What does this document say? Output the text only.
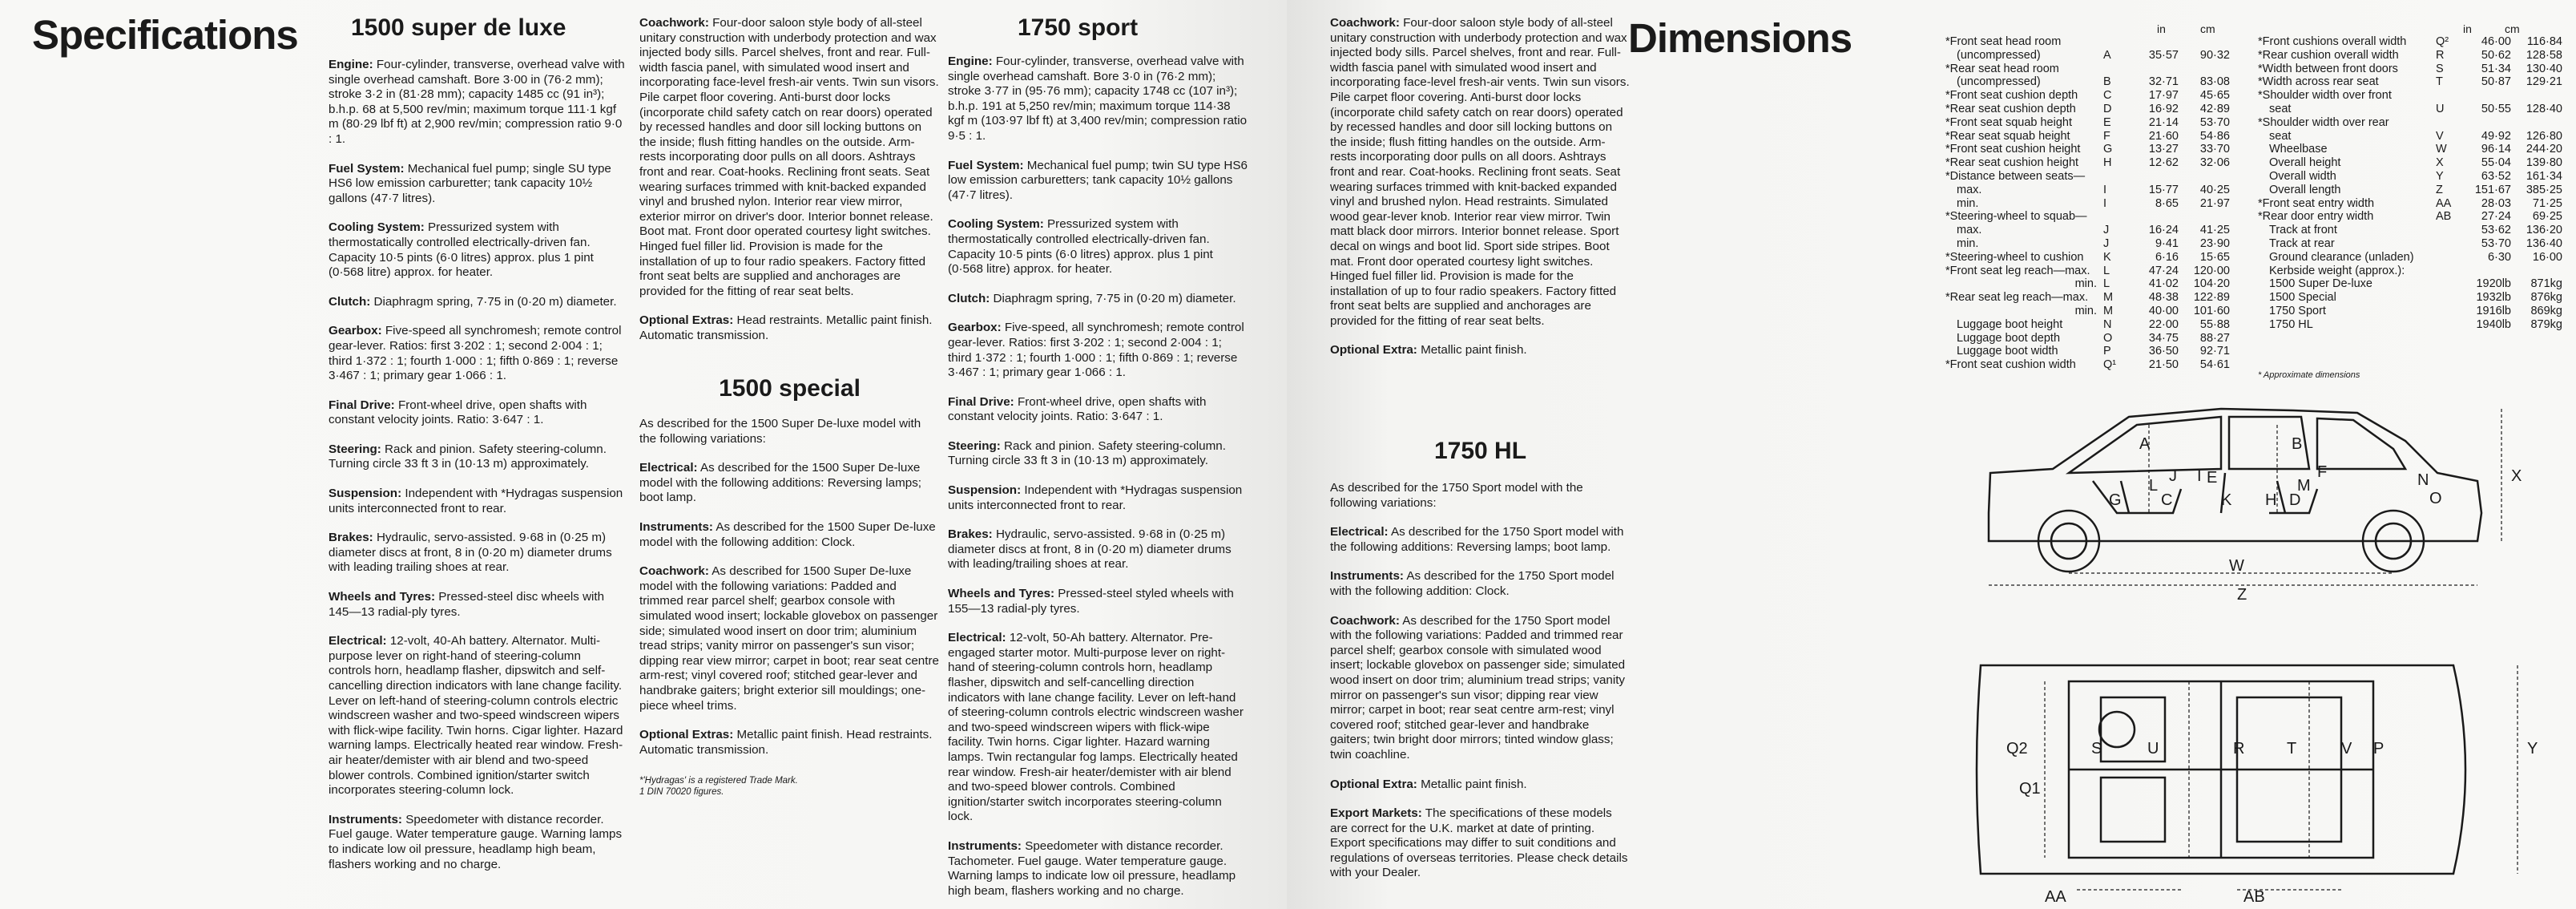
Specifications 1500 super de luxe

Engine: Four-cylinder, transverse, overhead valve with single overhead camshaft. Bore 3·00 in (76·2 mm); stroke 3·2 in (81·28 mm); capacity 1485 cc (91 in³); b.h.p. 68 at 5,500 rev/min; maximum torque 111·1 kgf m (80·29 lbf ft) at 2,900 rev/min; compression ratio 9·0 : 1.

Fuel System: Mechanical fuel pump; single SU type HS6 low emission carburetter; tank capacity 10½ gallons (47·7 litres).

Cooling System: Pressurized system with thermostatically controlled electrically-driven fan. Capacity 10·5 pints (6·0 litres) approx. plus 1 pint (0·568 litre) approx. for heater.

Clutch: Diaphragm spring, 7·75 in (0·20 m) diameter.

Gearbox: Five-speed all synchromesh; remote control gear-lever. Ratios: first 3·202 : 1; second 2·004 : 1; third 1·372 : 1; fourth 1·000 : 1; fifth 0·869 : 1; reverse 3·467 : 1; primary gear 1·066 : 1.

Final Drive: Front-wheel drive, open shafts with constant velocity joints. Ratio: 3·647 : 1.

Steering: Rack and pinion. Safety steering-column. Turning circle 33 ft 3 in (10·13 m) approximately.

Suspension: Independent with *Hydragas suspension units interconnected front to rear.

Brakes: Hydraulic, servo-assisted. 9·68 in (0·25 m) diameter discs at front, 8 in (0·20 m) diameter drums with leading trailing shoes at rear.

Wheels and Tyres: Pressed-steel disc wheels with 145—13 radial-ply tyres.

Electrical: 12-volt, 40-Ah battery. Alternator. Multi-purpose lever on right-hand of steering-column controls horn, headlamp flasher, dipswitch and self-cancelling direction indicators with lane change facility. Lever on left-hand of steering-column controls electric windscreen washer and two-speed windscreen wipers with flick-wipe facility. Twin horns. Cigar lighter. Hazard warning lamps. Electrically heated rear window. Fresh-air heater/demister with air blend and two-speed blower controls. Combined ignition/starter switch incorporates steering-column lock.

Instruments: Speedometer with distance recorder. Fuel gauge. Water temperature gauge. Warning lamps to indicate low oil pressure, headlamp high beam, flashers working and no charge.

Coachwork: Four-door saloon style body of all-steel unitary construction with underbody protection and wax injected body sills. Parcel shelves, front and rear. Full-width fascia panel, with simulated wood insert and incorporating face-level fresh-air vents. Twin sun visors. Pile carpet floor covering. Anti-burst door locks (incorporate child safety catch on rear doors) operated by recessed handles and door sill locking buttons on the inside; flush fitting handles on the outside. Arm-rests incorporating door pulls on all doors. Ashtrays front and rear. Coat-hooks. Reclining front seats. Seat wearing surfaces trimmed with knit-backed expanded vinyl and brushed nylon. Interior rear view mirror, exterior mirror on driver's door. Interior bonnet release. Boot mat. Front door operated courtesy light switches. Hinged fuel filler lid. Provision is made for the installation of up to four radio speakers. Factory fitted front seat belts are supplied and anchorages are provided for the fitting of rear seat belts.

Optional Extras: Head restraints. Metallic paint finish. Automatic transmission.

1500 special

As described for the 1500 Super De-luxe model with the following variations:

Electrical: As described for the 1500 Super De-luxe model with the following additions: Reversing lamps; boot lamp.

Instruments: As described for the 1500 Super De-luxe model with the following addition: Clock.

Coachwork: As described for 1500 Super De-luxe model with the following variations: Padded and trimmed rear parcel shelf; gearbox console with simulated wood insert; lockable glovebox on passenger side; simulated wood insert on door trim; aluminium tread strips; vanity mirror on passenger's sun visor; dipping rear view mirror; carpet in boot; rear seat centre arm-rest; vinyl covered roof; stitched gear-lever and handbrake gaiters; bright exterior sill mouldings; one-piece wheel trims.

Optional Extras: Metallic paint finish. Head restraints. Automatic transmission.

*'Hydragas' is a registered Trade Mark.
1 DIN 70020 figures.
1750 sport

Engine: Four-cylinder, transverse, overhead valve with single overhead camshaft. Bore 3·0 in (76·2 mm); stroke 3·77 in (95·76 mm); capacity 1748 cc (107 in³); b.h.p. 191 at 5,250 rev/min; maximum torque 114·38 kgf m (103·97 lbf ft) at 3,400 rev/min; compression ratio 9·5 : 1.

Fuel System: Mechanical fuel pump; twin SU type HS6 low emission carburetters; tank capacity 10½ gallons (47·7 litres).

Cooling System: Pressurized system with thermostatically controlled electrically-driven fan. Capacity 10·5 pints (6·0 litres) approx. plus 1 pint (0·568 litre) approx. for heater.

Clutch: Diaphragm spring, 7·75 in (0·20 m) diameter.

Gearbox: Five-speed, all synchromesh; remote control gear-lever. Ratios: first 3·202 : 1; second 2·004 : 1; third 1·372 : 1; fourth 1·000 : 1; fifth 0·869 : 1; reverse 3·467 : 1; primary gear 1·066 : 1.

Final Drive: Front-wheel drive, open shafts with constant velocity joints. Ratio: 3·647 : 1.

Steering: Rack and pinion. Safety steering-column. Turning circle 33 ft 3 in (10·13 m) approximately.

Suspension: Independent with *Hydragas suspension units interconnected front to rear.

Brakes: Hydraulic, servo-assisted. 9·68 in (0·25 m) diameter discs at front, 8 in (0·20 m) diameter drums with leading/trailing shoes at rear.

Wheels and Tyres: Pressed-steel styled wheels with 155—13 radial-ply tyres.

Electrical: 12-volt, 50-Ah battery. Alternator. Pre-engaged starter motor. Multi-purpose lever on right-hand of steering-column controls horn, headlamp flasher, dipswitch and self-cancelling direction indicators with lane change facility. Lever on left-hand of steering-column controls electric windscreen washer and two-speed windscreen wipers with flick-wipe facility. Twin horns. Cigar lighter. Hazard warning lamps. Twin rectangular fog lamps. Electrically heated rear window. Fresh-air heater/demister with air blend and two-speed blower controls. Combined ignition/starter switch incorporates steering-column lock.

Instruments: Speedometer with distance recorder. Tachometer. Fuel gauge. Water temperature gauge. Warning lamps to indicate low oil pressure, headlamp high beam, flashers working and no charge.

Coachwork: Four-door saloon style body of all-steel unitary construction with underbody protection and wax injected body sills. Parcel shelves, front and rear. Full-width fascia panel with simulated wood insert and incorporating face-level fresh-air vents. Twin sun visors. Pile carpet floor covering. Anti-burst door locks (incorporate child safety catch on rear doors) operated by recessed handles and door sill locking buttons on the inside; flush fitting handles on the outside. Arm-rests incorporating door pulls on all doors. Ashtrays front and rear. Coat-hooks. Reclining front seats. Seat wearing surfaces trimmed with knit-backed expanded vinyl and brushed nylon. Head restraints. Simulated wood gear-lever knob. Interior rear view mirror. Twin matt black door mirrors. Interior bonnet release. Sport decal on wings and boot lid. Sport side stripes. Boot mat. Front door operated courtesy light switches. Hinged fuel filler lid. Provision is made for the installation of up to four radio speakers. Factory fitted front seat belts are supplied and anchorages are provided for the fitting of rear seat belts.

Optional Extra: Metallic paint finish.

1750 HL

As described for the 1750 Sport model with the following variations:

Electrical: As described for the 1750 Sport model with the following additions: Reversing lamps; boot lamp.

Instruments: As described for the 1750 Sport model with the following addition: Clock.

Coachwork: As described for the 1750 Sport model with the following variations: Padded and trimmed rear parcel shelf; gearbox console with simulated wood insert; lockable glovebox on passenger side; simulated wood insert on door trim; aluminium tread strips; vanity mirror on passenger's sun visor; dipping rear view mirror; carpet in boot; rear seat centre arm-rest; vinyl covered roof; stitched gear-lever and handbrake gaiters; twin bright door mirrors; tinted window glass; twin coachline.

Optional Extra: Metallic paint finish.

Export Markets: The specifications of these models are correct for the U.K. market at date of printing. Export specifications may differ to suit conditions and regulations of overseas territories. Please check details with your Dealer.

Dimensions	in	cm	in	cm
*Front seat head room
(uncompressed)	A	35·57	90·32
*Rear seat head room
(uncompressed)	B	32·71	83·08
*Front seat cushion depth	C	17·97	45·65
*Rear seat cushion depth	D	16·92	42·89
*Front seat squab height	E	21·14	53·70
*Rear seat squab height	F	21·60	54·86
*Front seat cushion height	G	13·27	33·70
*Rear seat cushion height	H	12·62	32·06
*Distance between seats—
max.	I	15·77	40·25
min.	I	8·65	21·97
*Steering-wheel to squab—
max.	J	16·24	41·25
min.	J	9·41	23·90
*Steering-wheel to cushion	K	6·16	15·65
*Front seat leg reach—max.	L	47·24	120·00
min. L	41·02	104·20
*Rear seat leg reach—max.	M	48·38	122·89
min. M	40·00	101·60
Luggage boot height	N	22·00	55·88
Luggage boot depth	O	34·75	88·27
Luggage boot width	P	36·50	92·71
*Front seat cushion width	Q¹	21·50	54·61
*Front cushions overall width	Q²	46·00	116·84
*Rear cushion overall width	R	50·62	128·58
*Width between front doors	S	51·34	130·40
*Width across rear seat	T	50·87	129·21
*Shoulder width over front
seat	U	50·55	128·40
*Shoulder width over rear
seat	V	49·92	126·80
Wheelbase	W	96·14	244·20
Overall height	X	55·04	139·80
Overall width	Y	63·52	161·34
Overall length	Z	151·67	385·25
*Front seat entry width	AA	28·03	71·25
*Rear door entry width	AB	27·24	69·25
Track at front	53·62	136·20
Track at rear	53·70	136·40
Ground clearance (unladen)	6·30	16·00
Kerbside weight (approx.):
1500 Super De-luxe	1920lb	871kg
1500 Special	1932lb	876kg
1750 Sport	1916lb	869kg
1750 HL	1940lb	879kg
* Approximate dimensions
A	B
C	D
E	F
G	H
I
J
K
L	M	N
O
X
W
Z
Q2	S	U	R	T	V P
Q1
Y
AA	AB
